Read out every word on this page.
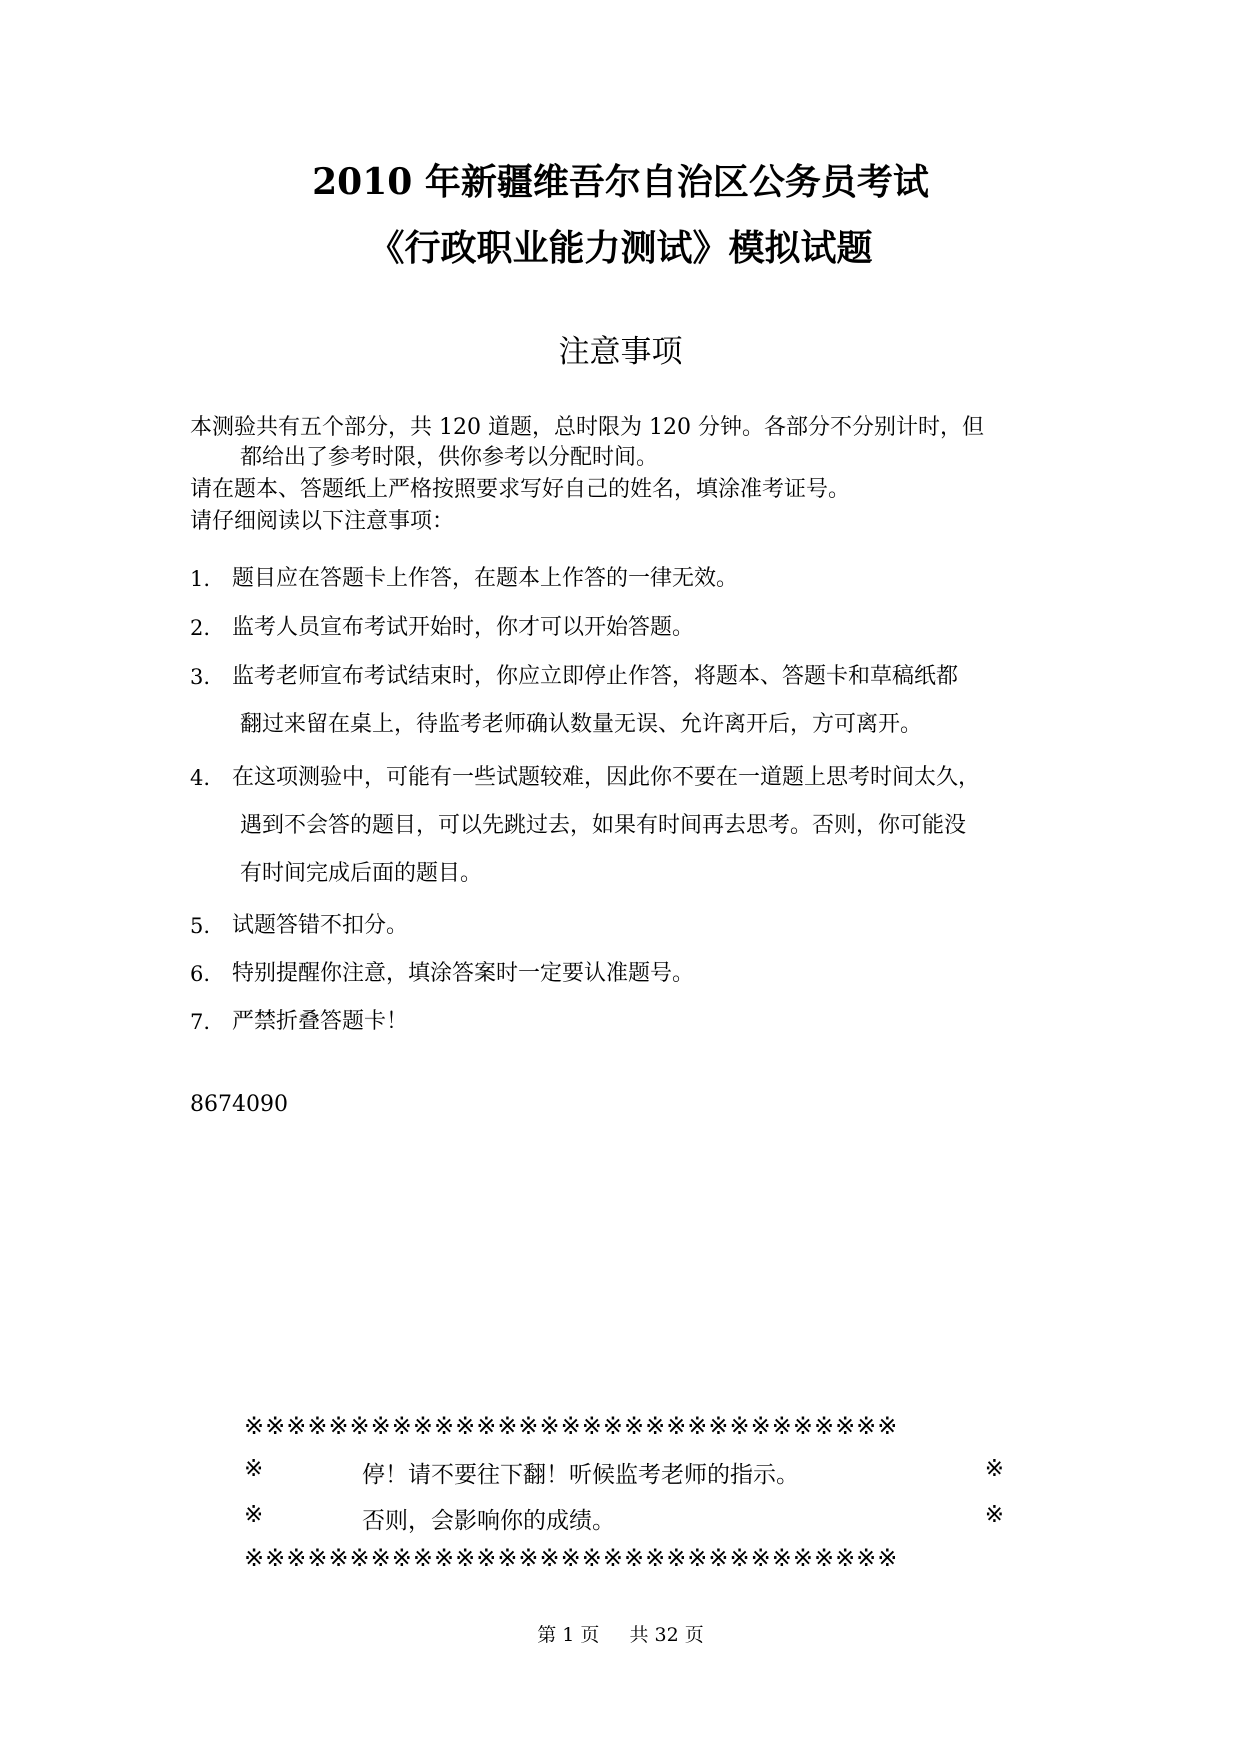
2010 年新疆维吾尔自治区公务员考试
《行政职业能力测试》模拟试题
注意事项
本测验共有五个部分，共 120 道题，总时限为 120 分钟。各部分不分别计时，但
都给出了参考时限，供你参考以分配时间。
请在题本、答题纸上严格按照要求写好自己的姓名，填涂准考证号。
请仔细阅读以下注意事项：
1. 题目应在答题卡上作答，在题本上作答的一律无效。
2. 监考人员宣布考试开始时，你才可以开始答题。
3. 监考老师宣布考试结束时，你应立即停止作答，将题本、答题卡和草稿纸都
翻过来留在桌上，待监考老师确认数量无误、允许离开后，方可离开。
4. 在这项测验中，可能有一些试题较难，因此你不要在一道题上思考时间太久，
遇到不会答的题目，可以先跳过去，如果有时间再去思考。否则，你可能没
有时间完成后面的题目。
5. 试题答错不扣分。
6. 特别提醒你注意，填涂答案时一定要认准题号。
7. 严禁折叠答题卡！
8674090
※※※※※※※※※※※※※※※※※※※※※※※※※※※※※※※
※	停！请不要往下翻！听候监考老师的指示。	※
※	否则，会影响你的成绩。	※
※※※※※※※※※※※※※※※※※※※※※※※※※※※※※※※
第 1 页 共 32 页
